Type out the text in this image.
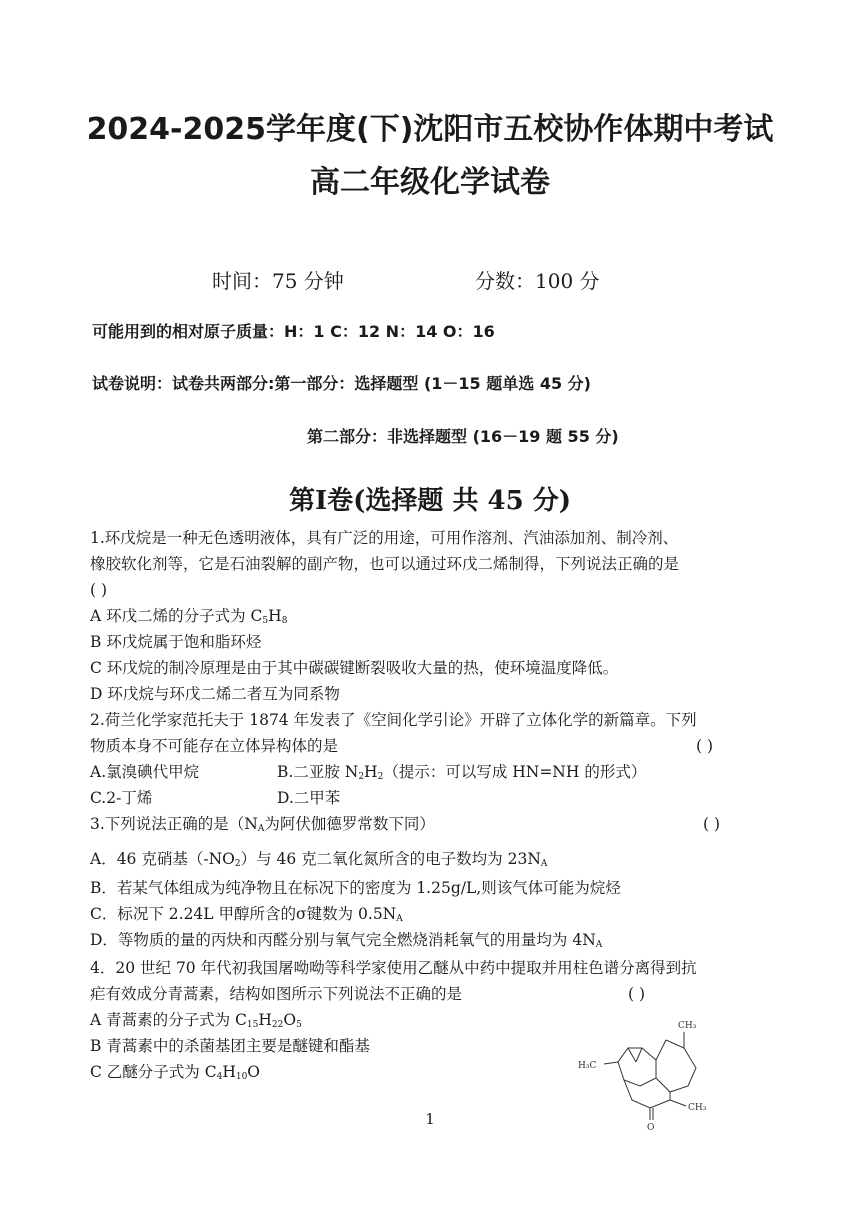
2024-2025学年度(下)沈阳市五校协作体期中考试
高二年级化学试卷
时间：75 分钟	分数：100 分
可能用到的相对原子质量：H：1 C：12 N：14 O：16
试卷说明：试卷共两部分:第一部分：选择题型 (1－15 题单选 45 分)
第二部分：非选择题型 (16－19 题 55 分)
第Ⅰ卷(选择题 共 45 分)
1.环戊烷是一种无色透明液体，具有广泛的用途，可用作溶剂、汽油添加剂、制冷剂、
橡胶软化剂等，它是石油裂解的副产物，也可以通过环戊二烯制得，下列说法正确的是
( )
A 环戊二烯的分子式为 $C_5H_8$
B 环戊烷属于饱和脂环烃
C 环戊烷的制冷原理是由于其中碳碳键断裂吸收大量的热，使环境温度降低。
D 环戊烷与环戊二烯二者互为同系物
2.荷兰化学家范托夫于 1874 年发表了《空间化学引论》开辟了立体化学的新篇章。下列
物质本身不可能存在立体异构体的是	( )
A.氯溴碘代甲烷	B.二亚胺 $N_2H_2$（提示：可以写成 HN=NH 的形式）
C.2-丁烯	D.二甲苯
3.下列说法正确的是（$N_A$为阿伏伽德罗常数下同）	( )
A．46 克硝基$(-NO_2)$与 46 克二氧化氮所含的电子数均为 $23N_A$
B．若某气体组成为纯净物且在标况下的密度为 1.25g/L,则该气体可能为烷烃
C．标况下 2.24L 甲醇所含的σ键数为 $0.5N_A$
D．等物质的量的丙炔和丙醛分别与氧气完全燃烧消耗氧气的用量均为 $4N_A$
4．20 世纪 70 年代初我国屠呦呦等科学家使用乙醚从中药中提取并用柱色谱分离得到抗
疟有效成分青蒿素，结构如图所示下列说法不正确的是	( )
A 青蒿素的分子式为 $C_{15}H_{22}O_5$
B 青蒿素中的杀菌基团主要是醚键和酯基
C 乙醚分子式为 $C_4H_{10}O$
CH₃
H₃C
CH₃
O
1
